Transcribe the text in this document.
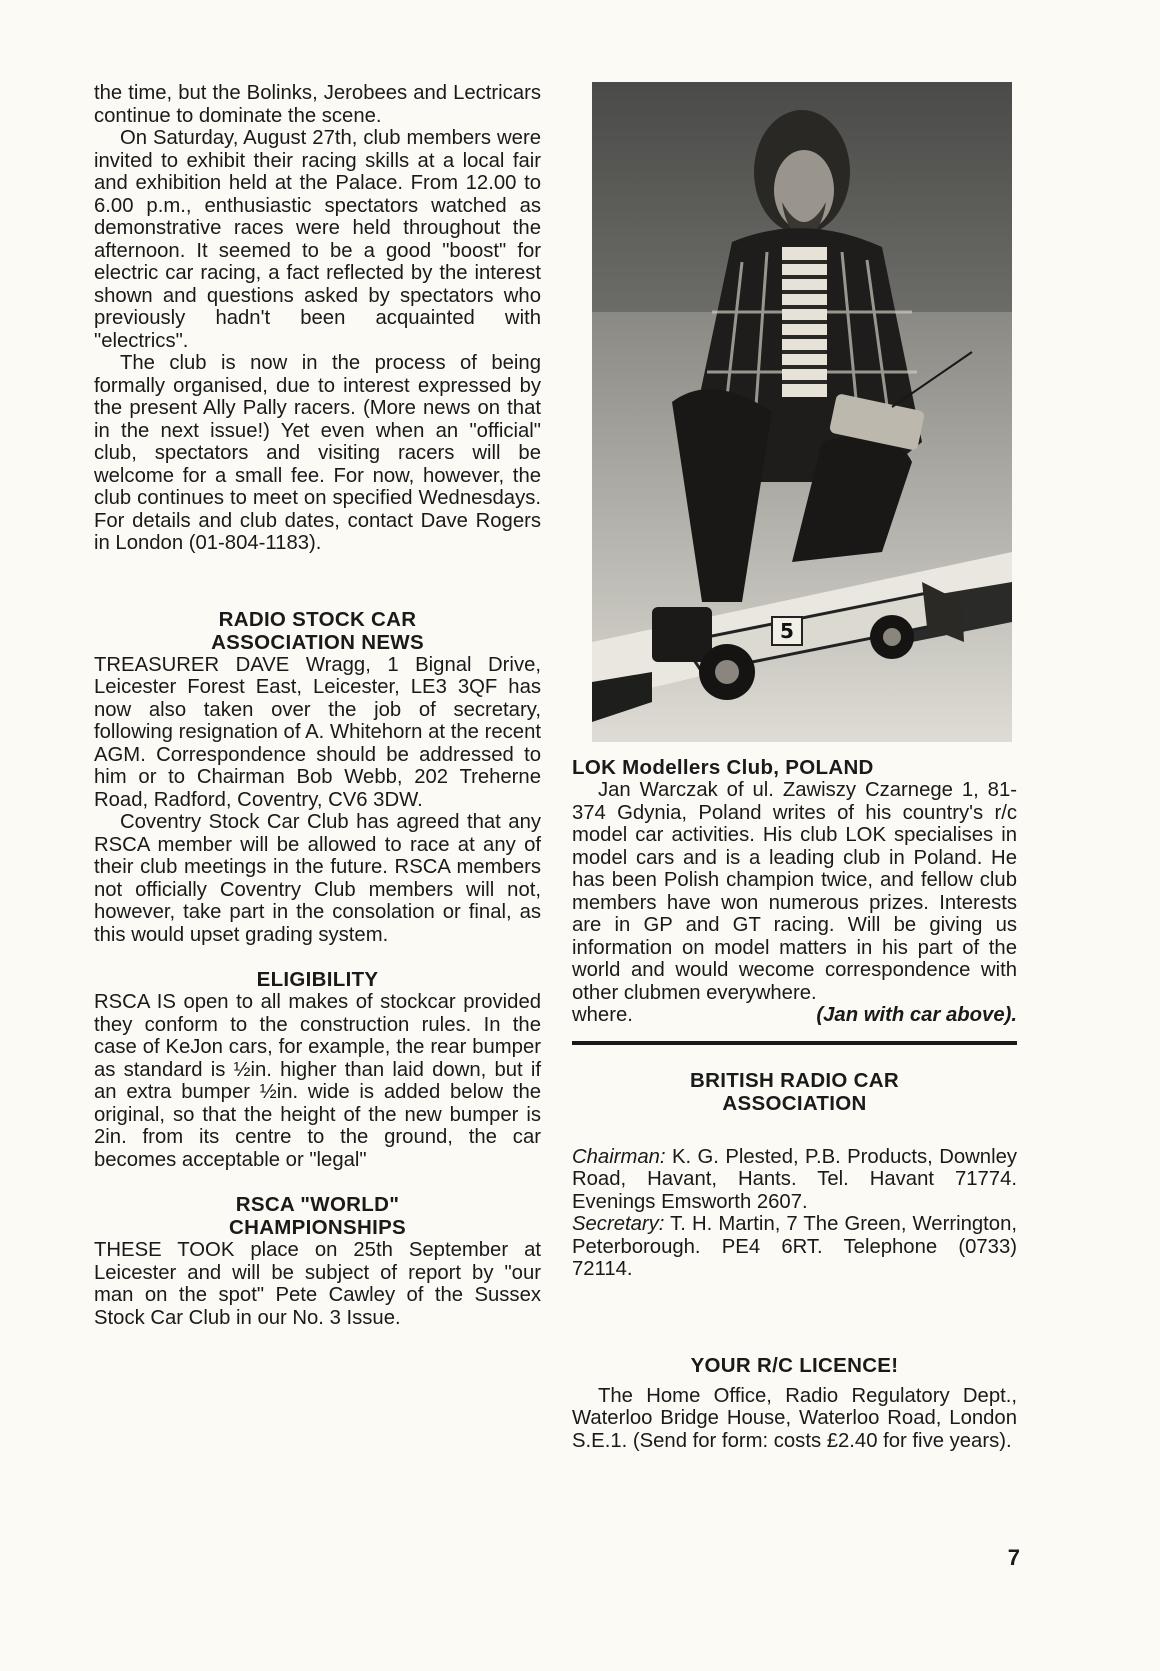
the time, but the Bolinks, Jerobees and Lectricars continue to dominate the scene.

On Saturday, August 27th, club members were invited to exhibit their racing skills at a local fair and exhibition held at the Palace. From 12.00 to 6.00 p.m., enthusiastic spectators watched as demonstrative races were held throughout the afternoon. It seemed to be a good "boost" for electric car racing, a fact reflected by the interest shown and questions asked by spectators who previously hadn't been acquainted with "electrics".

The club is now in the process of being formally organised, due to interest expressed by the present Ally Pally racers. (More news on that in the next issue!) Yet even when an "official" club, spectators and visiting racers will be welcome for a small fee. For now, however, the club continues to meet on specified Wednesdays. For details and club dates, contact Dave Rogers in London (01-804-1183).

RADIO STOCK CAR ASSOCIATION NEWS

TREASURER DAVE Wragg, 1 Bignal Drive, Leicester Forest East, Leicester, LE3 3QF has now also taken over the job of secretary, following resignation of A. Whitehorn at the recent AGM. Correspondence should be addressed to him or to Chairman Bob Webb, 202 Treherne Road, Radford, Coventry, CV6 3DW.

Coventry Stock Car Club has agreed that any RSCA member will be allowed to race at any of their club meetings in the future. RSCA members not officially Coventry Club members will not, however, take part in the consolation or final, as this would upset grading system.

ELIGIBILITY

RSCA IS open to all makes of stockcar provided they conform to the construction rules. In the case of KeJon cars, for example, the rear bumper as standard is ½in. higher than laid down, but if an extra bumper ½in. wide is added below the original, so that the height of the new bumper is 2in. from its centre to the ground, the car becomes acceptable or "legal"

RSCA "WORLD" CHAMPIONSHIPS

THESE TOOK place on 25th September at Leicester and will be subject of report by "our man on the spot" Pete Cawley of the Sussex Stock Car Club in our No. 3 Issue.

5
LOK Modellers Club, POLAND

Jan Warczak of ul. Zawiszy Czarnege 1, 81-374 Gdynia, Poland writes of his country's r/c model car activities. His club LOK specialises in model cars and is a leading club in Poland. He has been Polish champion twice, and fellow club members have won numerous prizes. Interests are in GP and GT racing. Will be giving us information on model matters in his part of the world and would wecome correspondence with other clubmen everywhere.

where.	(Jan with car above).
BRITISH RADIO CAR ASSOCIATION

Chairman: K. G. Plested, P.B. Products, Downley Road, Havant, Hants. Tel. Havant 71774. Evenings Emsworth 2607.

Secretary: T. H. Martin, 7 The Green, Werrington, Peterborough. PE4 6RT. Telephone (0733) 72114.

YOUR R/C LICENCE!

The Home Office, Radio Regulatory Dept., Waterloo Bridge House, Waterloo Road, London S.E.1. (Send for form: costs £2.40 for five years).

7
